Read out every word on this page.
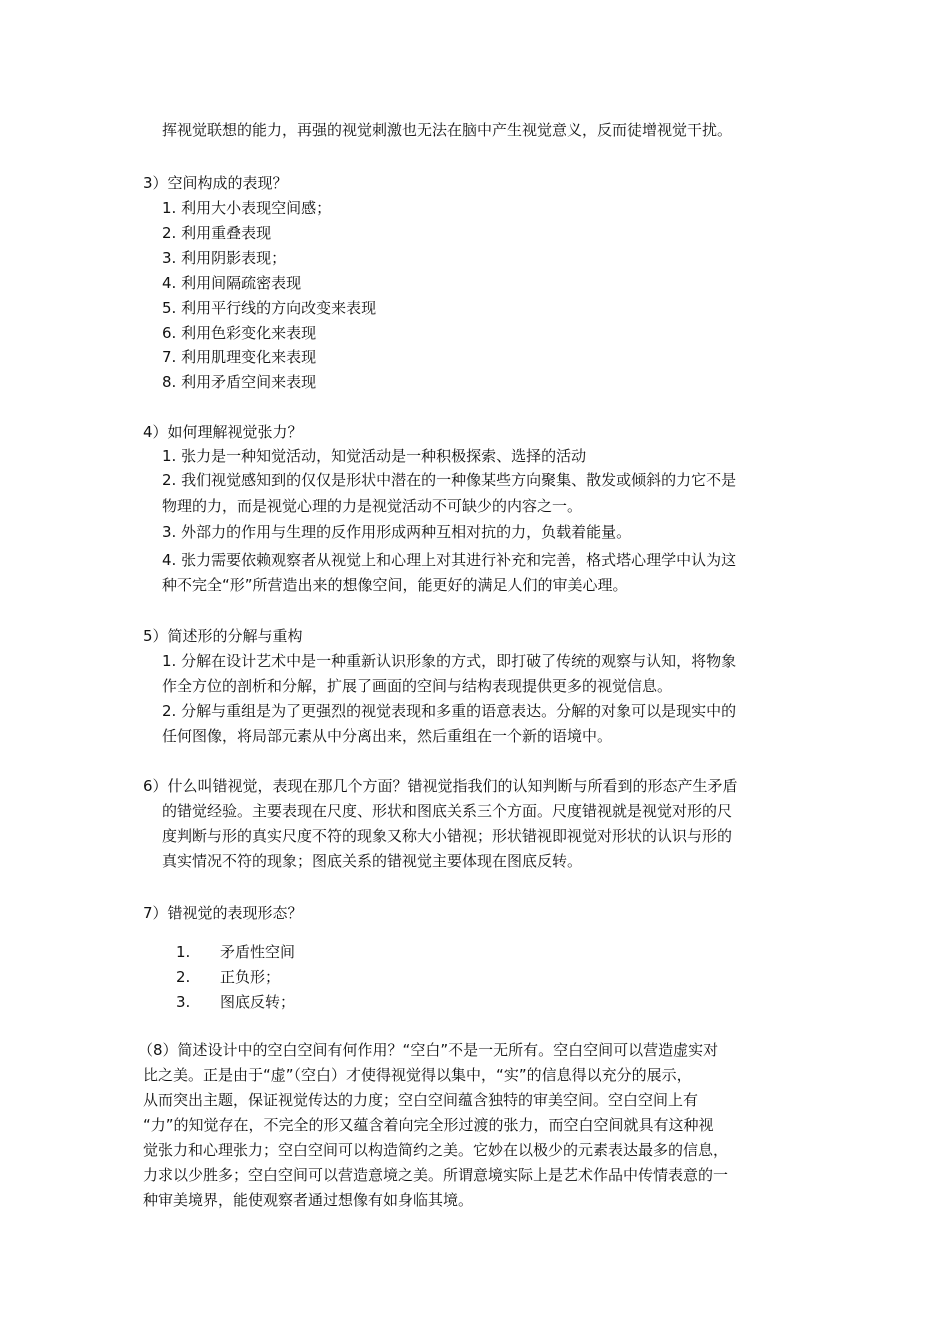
挥视觉联想的能力，再强的视觉刺激也无法在脑中产生视觉意义，反而徒增视觉干扰。
3）空间构成的表现？
1. 利用大小表现空间感；
2. 利用重叠表现
3. 利用阴影表现；
4. 利用间隔疏密表现
5. 利用平行线的方向改变来表现
6. 利用色彩变化来表现
7. 利用肌理变化来表现
8. 利用矛盾空间来表现
4）如何理解视觉张力？
1. 张力是一种知觉活动，知觉活动是一种积极探索、选择的活动
2. 我们视觉感知到的仅仅是形状中潜在的一种像某些方向聚集、散发或倾斜的力它不是
物理的力，而是视觉心理的力是视觉活动不可缺少的内容之一。
3. 外部力的作用与生理的反作用形成两种互相对抗的力，负载着能量。
4. 张力需要依赖观察者从视觉上和心理上对其进行补充和完善，格式塔心理学中认为这
种不完全“形”所营造出来的想像空间，能更好的满足人们的审美心理。
5）简述形的分解与重构
1. 分解在设计艺术中是一种重新认识形象的方式，即打破了传统的观察与认知，将物象
作全方位的剖析和分解，扩展了画面的空间与结构表现提供更多的视觉信息。
2. 分解与重组是为了更强烈的视觉表现和多重的语意表达。分解的对象可以是现实中的
任何图像，将局部元素从中分离出来，然后重组在一个新的语境中。
6）什么叫错视觉，表现在那几个方面？错视觉指我们的认知判断与所看到的形态产生矛盾
的错觉经验。主要表现在尺度、形状和图底关系三个方面。尺度错视就是视觉对形的尺
度判断与形的真实尺度不符的现象又称大小错视；形状错视即视觉对形状的认识与形的
真实情况不符的现象；图底关系的错视觉主要体现在图底反转。
7）错视觉的表现形态？
1. 矛盾性空间
2. 正负形；
3. 图底反转；
（8）简述设计中的空白空间有何作用？“空白”不是一无所有。空白空间可以营造虚实对
比之美。正是由于“虚”（空白）才使得视觉得以集中，“实”的信息得以充分的展示，
从而突出主题，保证视觉传达的力度；空白空间蕴含独特的审美空间。空白空间上有
“力”的知觉存在，不完全的形又蕴含着向完全形过渡的张力，而空白空间就具有这种视
觉张力和心理张力；空白空间可以构造简约之美。它妙在以极少的元素表达最多的信息，
力求以少胜多；空白空间可以营造意境之美。所谓意境实际上是艺术作品中传情表意的一
种审美境界，能使观察者通过想像有如身临其境。
